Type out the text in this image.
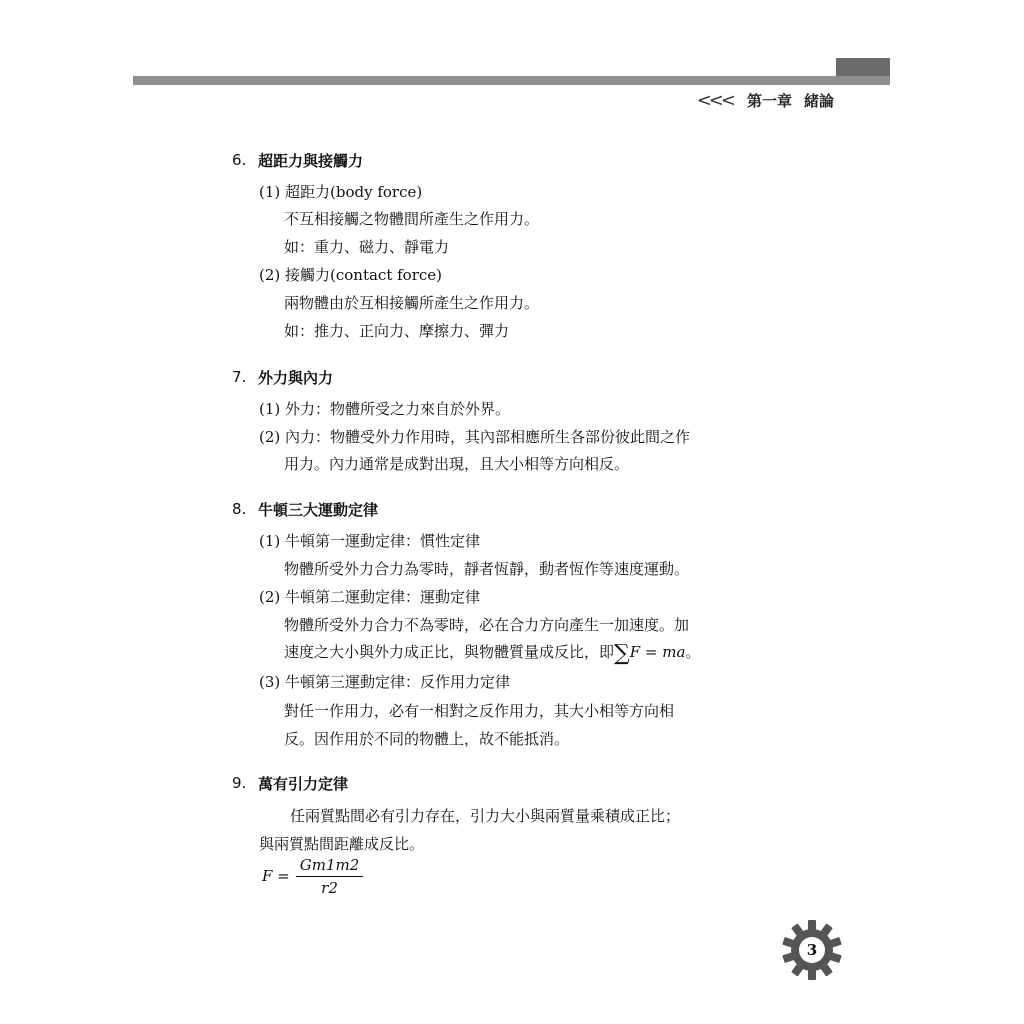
<<< 第一章 緒論
6. 超距力與接觸力
(1) 超距力(body force)
不互相接觸之物體間所產生之作用力。
如：重力、磁力、靜電力
(2) 接觸力(contact force)
兩物體由於互相接觸所產生之作用力。
如：推力、正向力、摩擦力、彈力
7. 外力與內力
(1) 外力：物體所受之力來自於外界。
(2) 內力：物體受外力作用時，其內部相應所生各部份彼此間之作
用力。內力通常是成對出現，且大小相等方向相反。
8. 牛頓三大運動定律
(1) 牛頓第一運動定律：慣性定律
物體所受外力合力為零時，靜者恆靜，動者恆作等速度運動。
(2) 牛頓第二運動定律：運動定律
物體所受外力合力不為零時，必在合力方向產生一加速度。加
速度之大小與外力成正比，與物體質量成反比，即∑F = ma。
(3) 牛頓第三運動定律：反作用力定律
對任一作用力，必有一相對之反作用力，其大小相等方向相
反。因作用於不同的物體上，故不能抵消。
9. 萬有引力定律
任兩質點間必有引力存在，引力大小與兩質量乘積成正比；
與兩質點間距離成反比。
$F = \frac{Gm1m2}{r2}$
3
